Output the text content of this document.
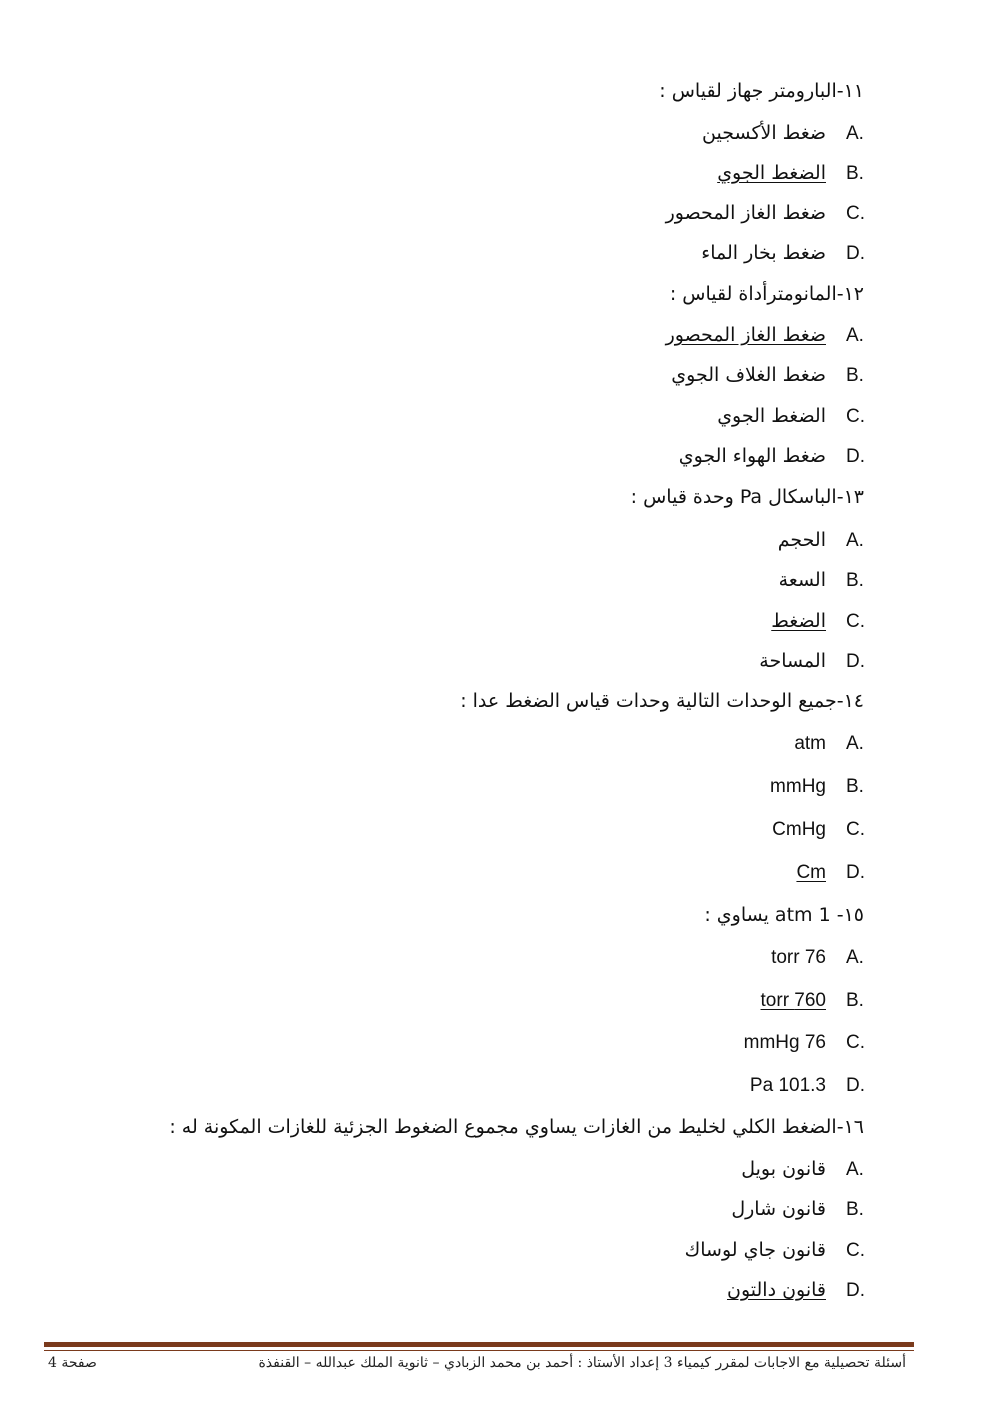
١١-البارومتر جهاز لقياس :
A.ضغط الأكسجين
B.الضغط الجوي
C.ضغط الغاز المحصور
D.ضغط بخار الماء
١٢-المانومترأداة لقياس :
A.ضغط الغاز المحصور
B.ضغط الغلاف الجوي
C.الضغط الجوي
D.ضغط الهواء الجوي
١٣-الباسكال Pa وحدة قياس :
A.الحجم
B.السعة
C.الضغط
D.المساحة
١٤-جميع الوحدات التالية وحدات قياس الضغط عدا :
A.atm
B.mmHg
C.CmHg
D.Cm
١٥- 1 atm يساوي :
A.76 torr
B.760 torr
C.76 mmHg
D.101.3 Pa
١٦-الضغط الكلي لخليط من الغازات يساوي مجموع الضغوط الجزئية للغازات المكونة له :
A.قانون بويل
B.قانون شارل
C.قانون جاي لوساك
D.قانون دالتون
أسئلة تحصيلية مع الاجابات لمقرر كيمياء 3 إعداد الأستاذ : أحمد بن محمد الزبادي – ثانوية الملك عبدالله – القنفذة
صفحة 4
